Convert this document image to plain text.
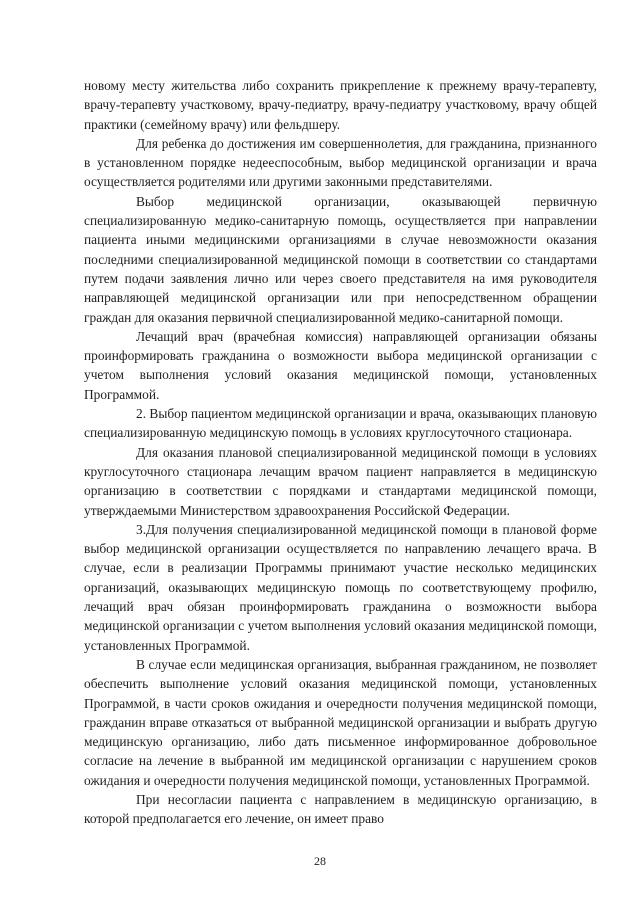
новому месту жительства либо сохранить прикрепление к прежнему врачу-терапевту, врачу-терапевту участковому, врачу-педиатру, врачу-педиатру участковому, врачу общей практики (семейному врачу) или фельдшеру.

Для ребенка до достижения им совершеннолетия, для гражданина, признанного в установленном порядке недееспособным, выбор медицинской организации и врача осуществляется родителями или другими законными представителями.

Выбор медицинской организации, оказывающей первичную специализированную медико-санитарную помощь, осуществляется при направлении пациента иными медицинскими организациями в случае невозможности оказания последними специализированной медицинской помощи в соответствии со стандартами путем подачи заявления лично или через своего представителя на имя руководителя направляющей медицинской организации или при непосредственном обращении граждан для оказания первичной специализированной медико-санитарной помощи.

Лечащий врач (врачебная комиссия) направляющей организации обязаны проинформировать гражданина о возможности выбора медицинской организации с учетом выполнения условий оказания медицинской помощи, установленных Программой.

2. Выбор пациентом медицинской организации и врача, оказывающих плановую специализированную медицинскую помощь в условиях круглосуточного стационара.

Для оказания плановой специализированной медицинской помощи в условиях круглосуточного стационара лечащим врачом пациент направляется в медицинскую организацию в соответствии с порядками и стандартами медицинской помощи, утверждаемыми Министерством здравоохранения Российской Федерации.

3.Для получения специализированной медицинской помощи в плановой форме выбор медицинской организации осуществляется по направлению лечащего врача. В случае, если в реализации Программы принимают участие несколько медицинских организаций, оказывающих медицинскую помощь по соответствующему профилю, лечащий врач обязан проинформировать гражданина о возможности выбора медицинской организации с учетом выполнения условий оказания медицинской помощи, установленных Программой.

В случае если медицинская организация, выбранная гражданином, не позволяет обеспечить выполнение условий оказания медицинской помощи, установленных Программой, в части сроков ожидания и очередности получения медицинской помощи, гражданин вправе отказаться от выбранной медицинской организации и выбрать другую медицинскую организацию, либо дать письменное информированное добровольное согласие на лечение в выбранной им медицинской организации с нарушением сроков ожидания и очередности получения медицинской помощи, установленных Программой.

При несогласии пациента с направлением в медицинскую организацию, в которой предполагается его лечение, он имеет право

28
